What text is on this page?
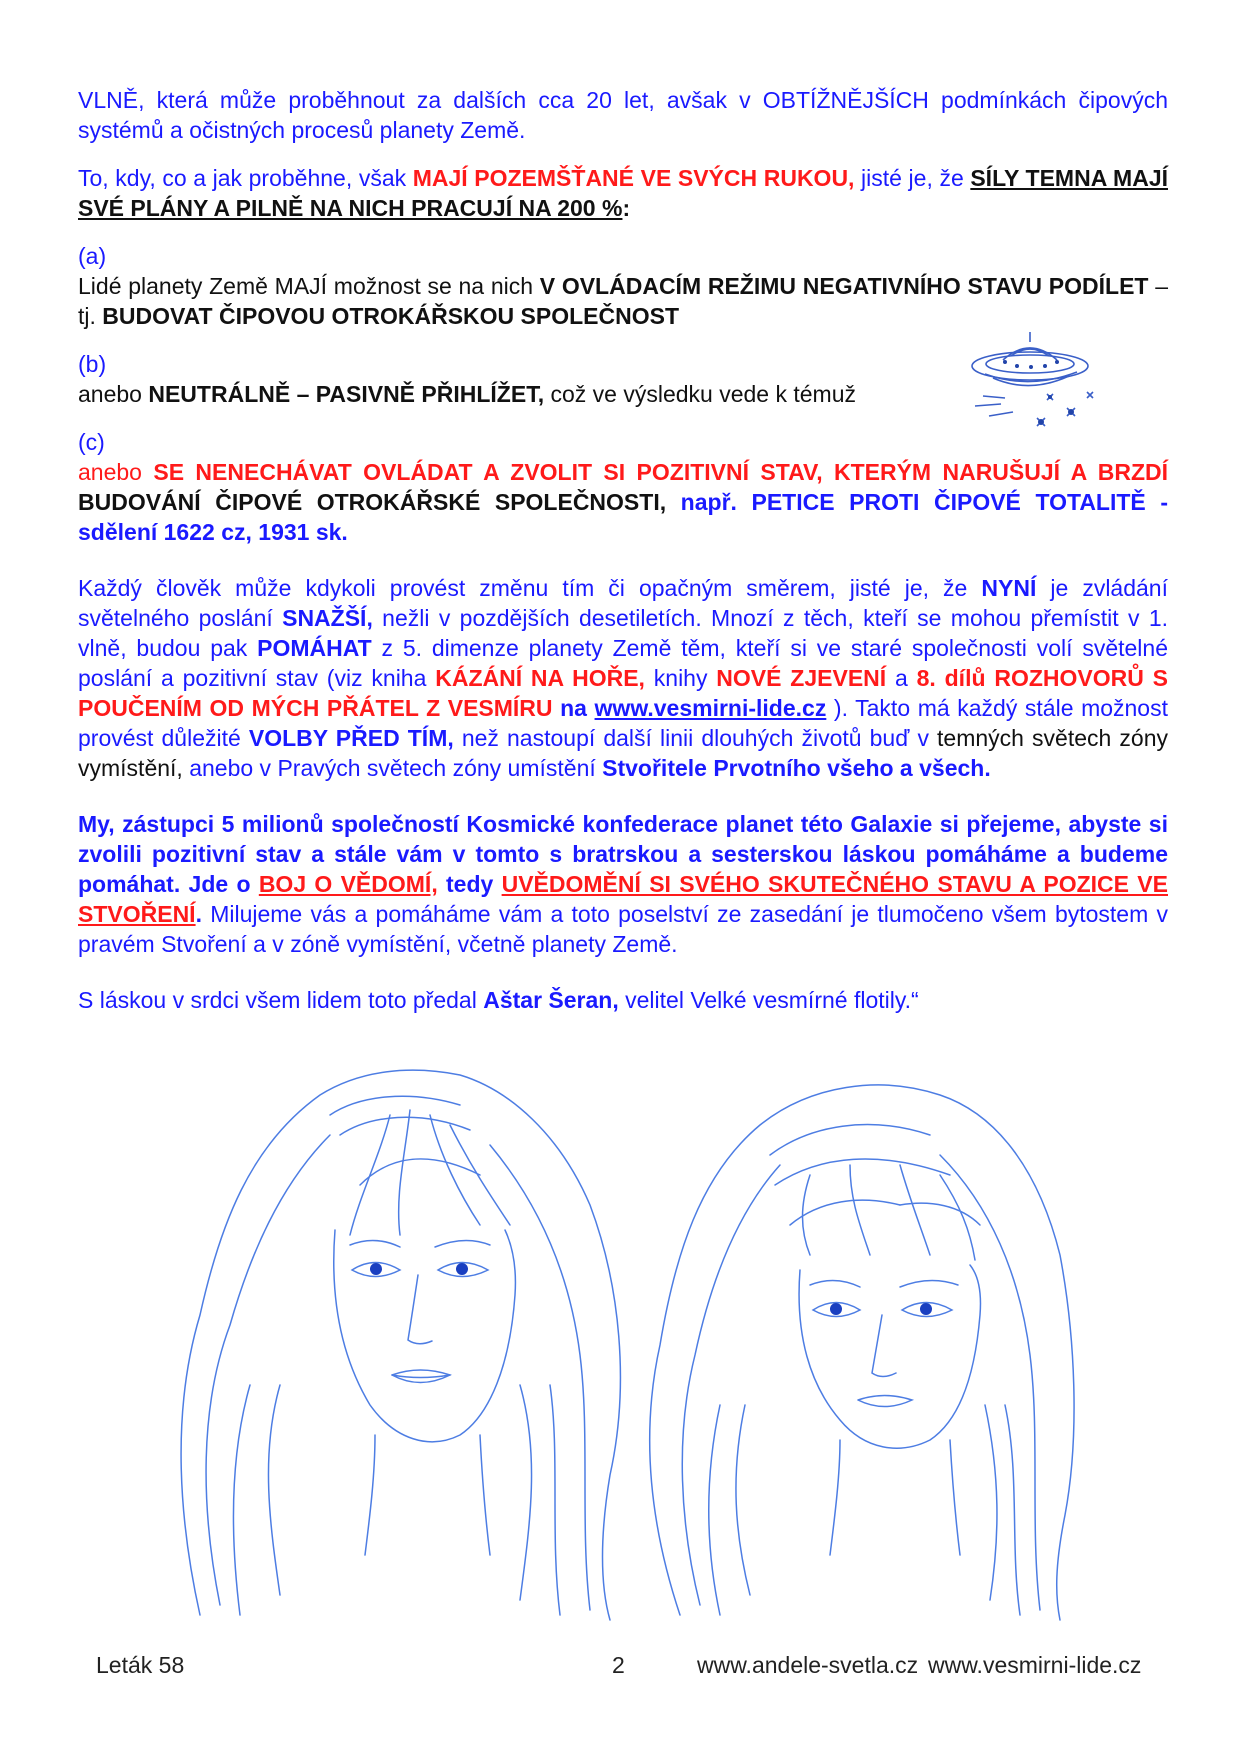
VLNĚ, která může proběhnout za dalších cca 20 let, avšak v OBTÍŽNĚJŠÍCH podmínkách čipových systémů a očistných procesů planety Země.

To, kdy, co a jak proběhne, však MAJÍ POZEMŠŤANÉ VE SVÝCH RUKOU, jisté je, že SÍLY TEMNA MAJÍ SVÉ PLÁNY A PILNĚ NA NICH PRACUJÍ NA 200 %:

(a)

Lidé planety Země MAJÍ možnost se na nich V OVLÁDACÍM REŽIMU NEGATIVNÍHO STAVU PODÍLET – tj. BUDOVAT ČIPOVOU OTROKÁŘSKOU SPOLEČNOST

(b)

anebo NEUTRÁLNĚ – PASIVNĚ PŘIHLÍŽET, což ve výsledku vede k témuž

(c)

anebo SE NENECHÁVAT OVLÁDAT A ZVOLIT SI POZITIVNÍ STAV, KTERÝM NARUŠUJÍ A BRZDÍ BUDOVÁNÍ ČIPOVÉ OTROKÁŘSKÉ SPOLEČNOSTI, např. PETICE PROTI ČIPOVÉ TOTALITĚ - sdělení 1622 cz, 1931 sk.

Každý člověk může kdykoli provést změnu tím či opačným směrem, jisté je, že NYNÍ je zvládání světelného poslání SNAŽŠÍ, nežli v pozdějších desetiletích. Mnozí z těch, kteří se mohou přemístit v 1. vlně, budou pak POMÁHAT z 5. dimenze planety Země těm, kteří si ve staré společnosti volí světelné poslání a pozitivní stav (viz kniha KÁZÁNÍ NA HOŘE, knihy NOVÉ ZJEVENÍ a 8. dílů ROZHOVORŮ S POUČENÍM OD MÝCH PŘÁTEL Z VESMÍRU na www.vesmirni-lide.cz ). Takto má každý stále možnost provést důležité VOLBY PŘED TÍM, než nastoupí další linii dlouhých životů buď v temných světech zóny vymístění, anebo v Pravých světech zóny umístění Stvořitele Prvotního všeho a všech.

My, zástupci 5 milionů společností Kosmické konfederace planet této Galaxie si přejeme, abyste si zvolili pozitivní stav a stále vám v tomto s bratrskou a sesterskou láskou pomáháme a budeme pomáhat. Jde o BOJ O VĚDOMÍ, tedy UVĚDOMĚNÍ SI SVÉHO SKUTEČNÉHO STAVU A POZICE VE STVOŘENÍ. Milujeme vás a pomáháme vám a toto poselství ze zasedání je tlumočeno všem bytostem v pravém Stvoření a v zóně vymístění, včetně planety Země.

S láskou v srdci všem lidem toto předal Aštar Šeran, velitel Velké vesmírné flotily.“

Leták 58	2	www.andele-svetla.cz www.vesmirni-lide.cz
